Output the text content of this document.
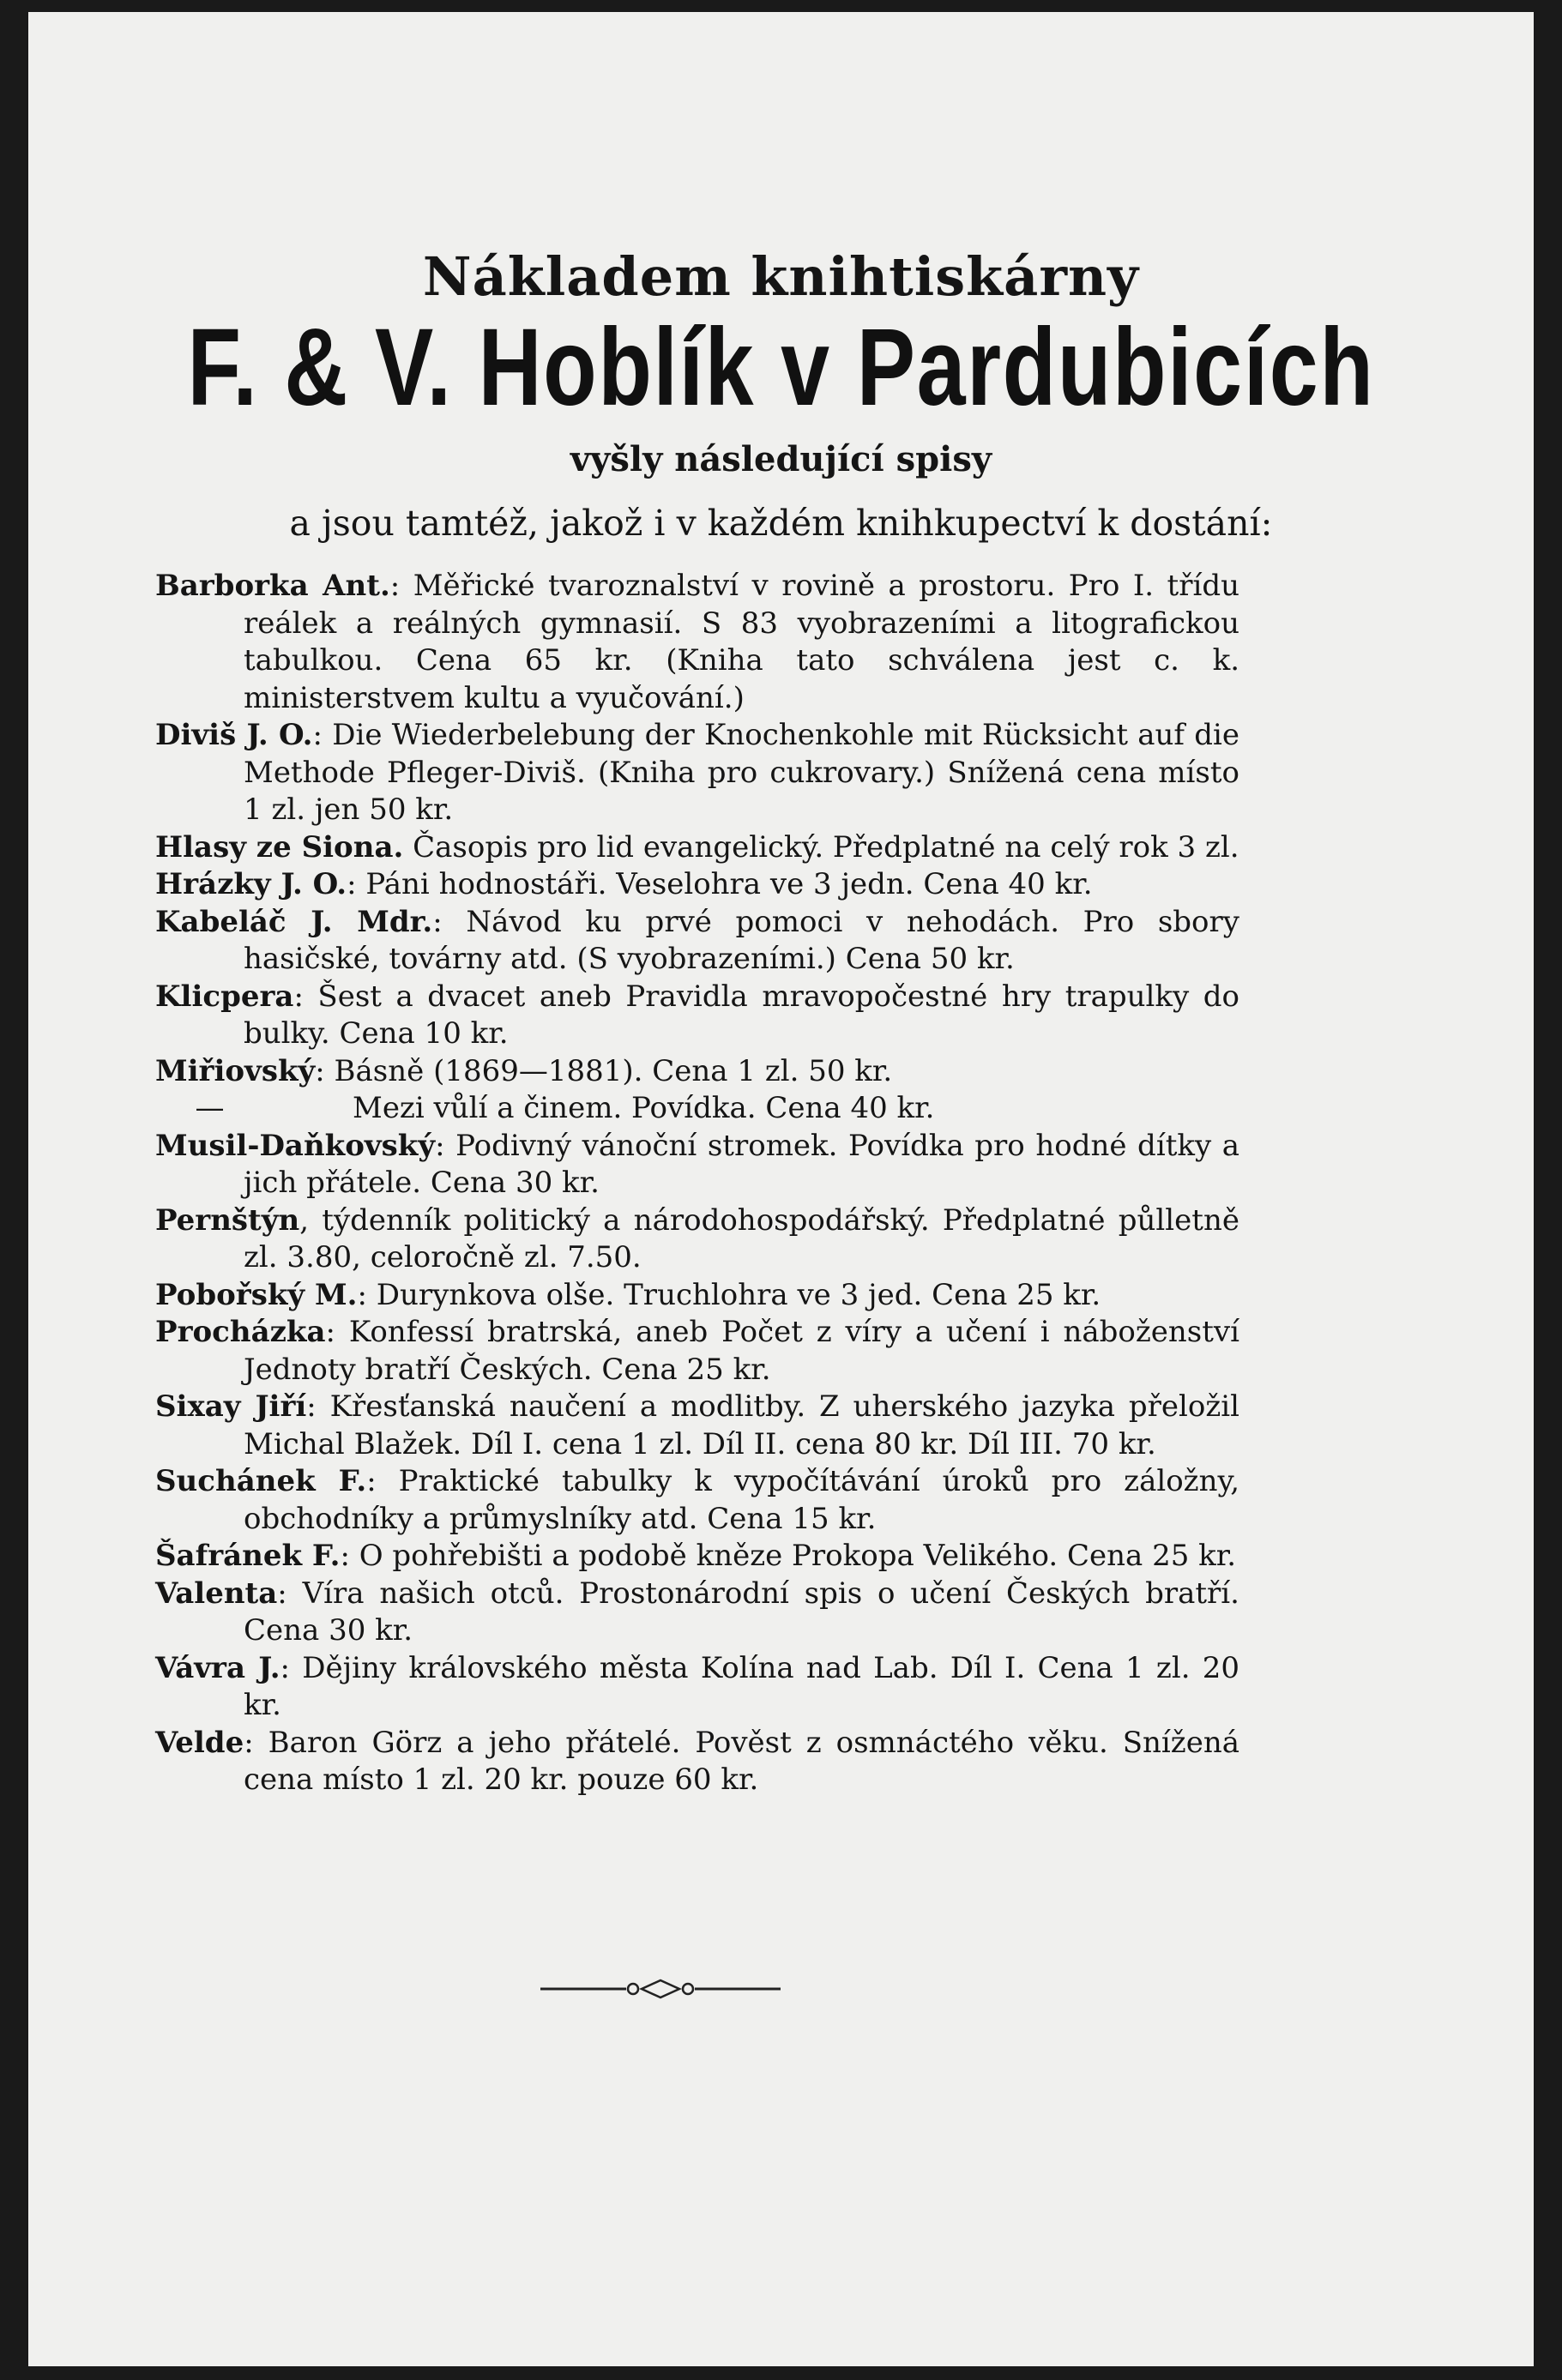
Nákladem knihtiskárny
F. & V. Hoblík v Pardubicích
vyšly následující spisy
a jsou tamtéž, jakož i v každém knihkupectví k dostání:
Barborka Ant.: Měřické tvaroznalství v rovině a prostoru. Pro I. třídu reálek a reálných gymnasií. S 83 vyobrazeními a litografickou tabulkou. Cena 65 kr. (Kniha tato schválena jest c. k. ministerstvem kultu a vyučování.)
Diviš J. O.: Die Wiederbelebung der Knochenkohle mit Rücksicht auf die Methode Pfleger-Diviš. (Kniha pro cukrovary.) Snížená cena místo 1 zl. jen 50 kr.
Hlasy ze Siona. Časopis pro lid evangelický. Předplatné na celý rok 3 zl.
Hrázky J. O.: Páni hodnostáři. Veselohra ve 3 jedn. Cena 40 kr.
Kabeláč J. Mdr.: Návod ku prvé pomoci v nehodách. Pro sbory hasičské, továrny atd. (S vyobrazeními.) Cena 50 kr.
Klicpera: Šest a dvacet aneb Pravidla mravopočestné hry trapulky do bulky. Cena 10 kr.
Miřiovský: Básně (1869—1881). Cena 1 zl. 50 kr.
—	Mezi vůlí a činem. Povídka. Cena 40 kr.
Musil-Daňkovský: Podivný vánoční stromek. Povídka pro hodné dítky a jich přátele. Cena 30 kr.
Pernštýn, týdenník politický a národohospodářský. Předplatné půlletně zl. 3.80, celoročně zl. 7.50.
Pobořský M.: Durynkova olše. Truchlohra ve 3 jed. Cena 25 kr.
Procházka: Konfessí bratrská, aneb Počet z víry a učení i náboženství Jednoty bratří Českých. Cena 25 kr.
Sixay Jiří: Křesťanská naučení a modlitby. Z uherského jazyka přeložil Michal Blažek. Díl I. cena 1 zl. Díl II. cena 80 kr. Díl III. 70 kr.
Suchánek F.: Praktické tabulky k vypočítávání úroků pro záložny, obchodníky a průmyslníky atd. Cena 15 kr.
Šafránek F.: O pohřebišti a podobě kněze Prokopa Velikého. Cena 25 kr.
Valenta: Víra našich otců. Prostonárodní spis o učení Českých bratří. Cena 30 kr.
Vávra J.: Dějiny královského města Kolína nad Lab. Díl I. Cena 1 zl. 20 kr.
Velde: Baron Görz a jeho přátelé. Pověst z osmnáctého věku. Snížená cena místo 1 zl. 20 kr. pouze 60 kr.
